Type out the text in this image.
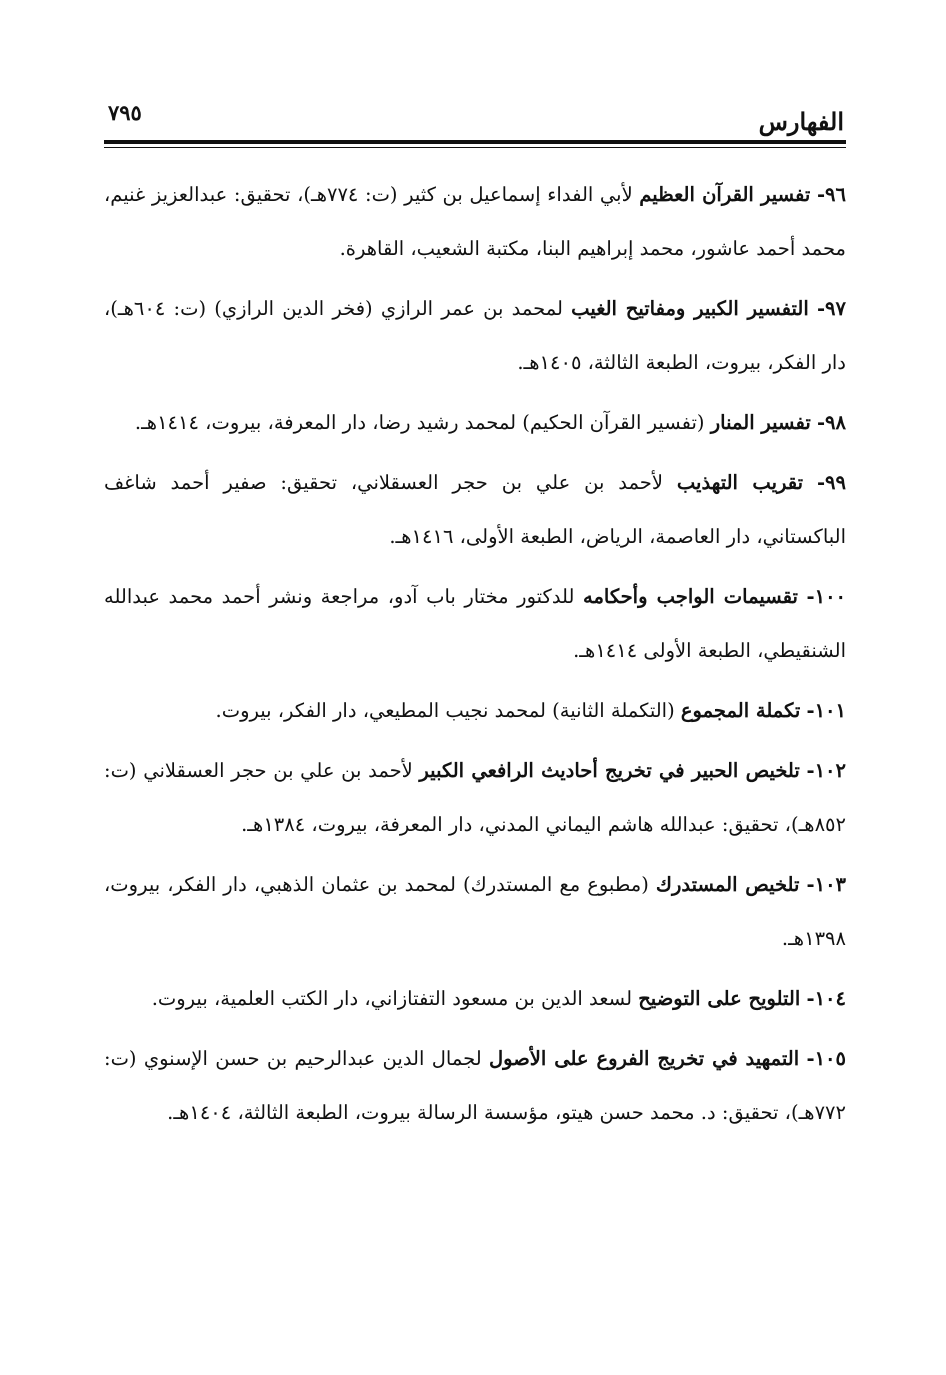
الفهارس
٧٩٥

٩٦- تفسير القرآن العظيم لأبي الفداء إسماعيل بن كثير (ت: ٧٧٤هـ)، تحقيق: عبدالعزيز غنيم، محمد أحمد عاشور، محمد إبراهيم البنا، مكتبة الشعيب، القاهرة.

٩٧- التفسير الكبير ومفاتيح الغيب لمحمد بن عمر الرازي (فخر الدين الرازي) (ت: ٦٠٤هـ)، دار الفكر، بيروت، الطبعة الثالثة، ١٤٠٥هـ.

٩٨- تفسير المنار (تفسير القرآن الحكيم) لمحمد رشيد رضا، دار المعرفة، بيروت، ١٤١٤هـ.

٩٩- تقريب التهذيب لأحمد بن علي بن حجر العسقلاني، تحقيق: صفير أحمد شاغف الباكستاني، دار العاصمة، الرياض، الطبعة الأولى، ١٤١٦هـ.

١٠٠- تقسيمات الواجب وأحكامه للدكتور مختار باب آدو، مراجعة ونشر أحمد محمد عبدالله الشنقيطي، الطبعة الأولى ١٤١٤هـ.

١٠١- تكملة المجموع (التكملة الثانية) لمحمد نجيب المطيعي، دار الفكر، بيروت.

١٠٢- تلخيص الحبير في تخريج أحاديث الرافعي الكبير لأحمد بن علي بن حجر العسقلاني (ت: ٨٥٢هـ)، تحقيق: عبدالله هاشم اليماني المدني، دار المعرفة، بيروت، ١٣٨٤هـ.

١٠٣- تلخيص المستدرك (مطبوع مع المستدرك) لمحمد بن عثمان الذهبي، دار الفكر، بيروت، ١٣٩٨هـ.

١٠٤- التلويح على التوضيح لسعد الدين بن مسعود التفتازاني، دار الكتب العلمية، بيروت.

١٠٥- التمهيد في تخريج الفروع على الأصول لجمال الدين عبدالرحيم بن حسن الإسنوي (ت: ٧٧٢هـ)، تحقيق: د. محمد حسن هيتو، مؤسسة الرسالة بيروت، الطبعة الثالثة، ١٤٠٤هـ.
